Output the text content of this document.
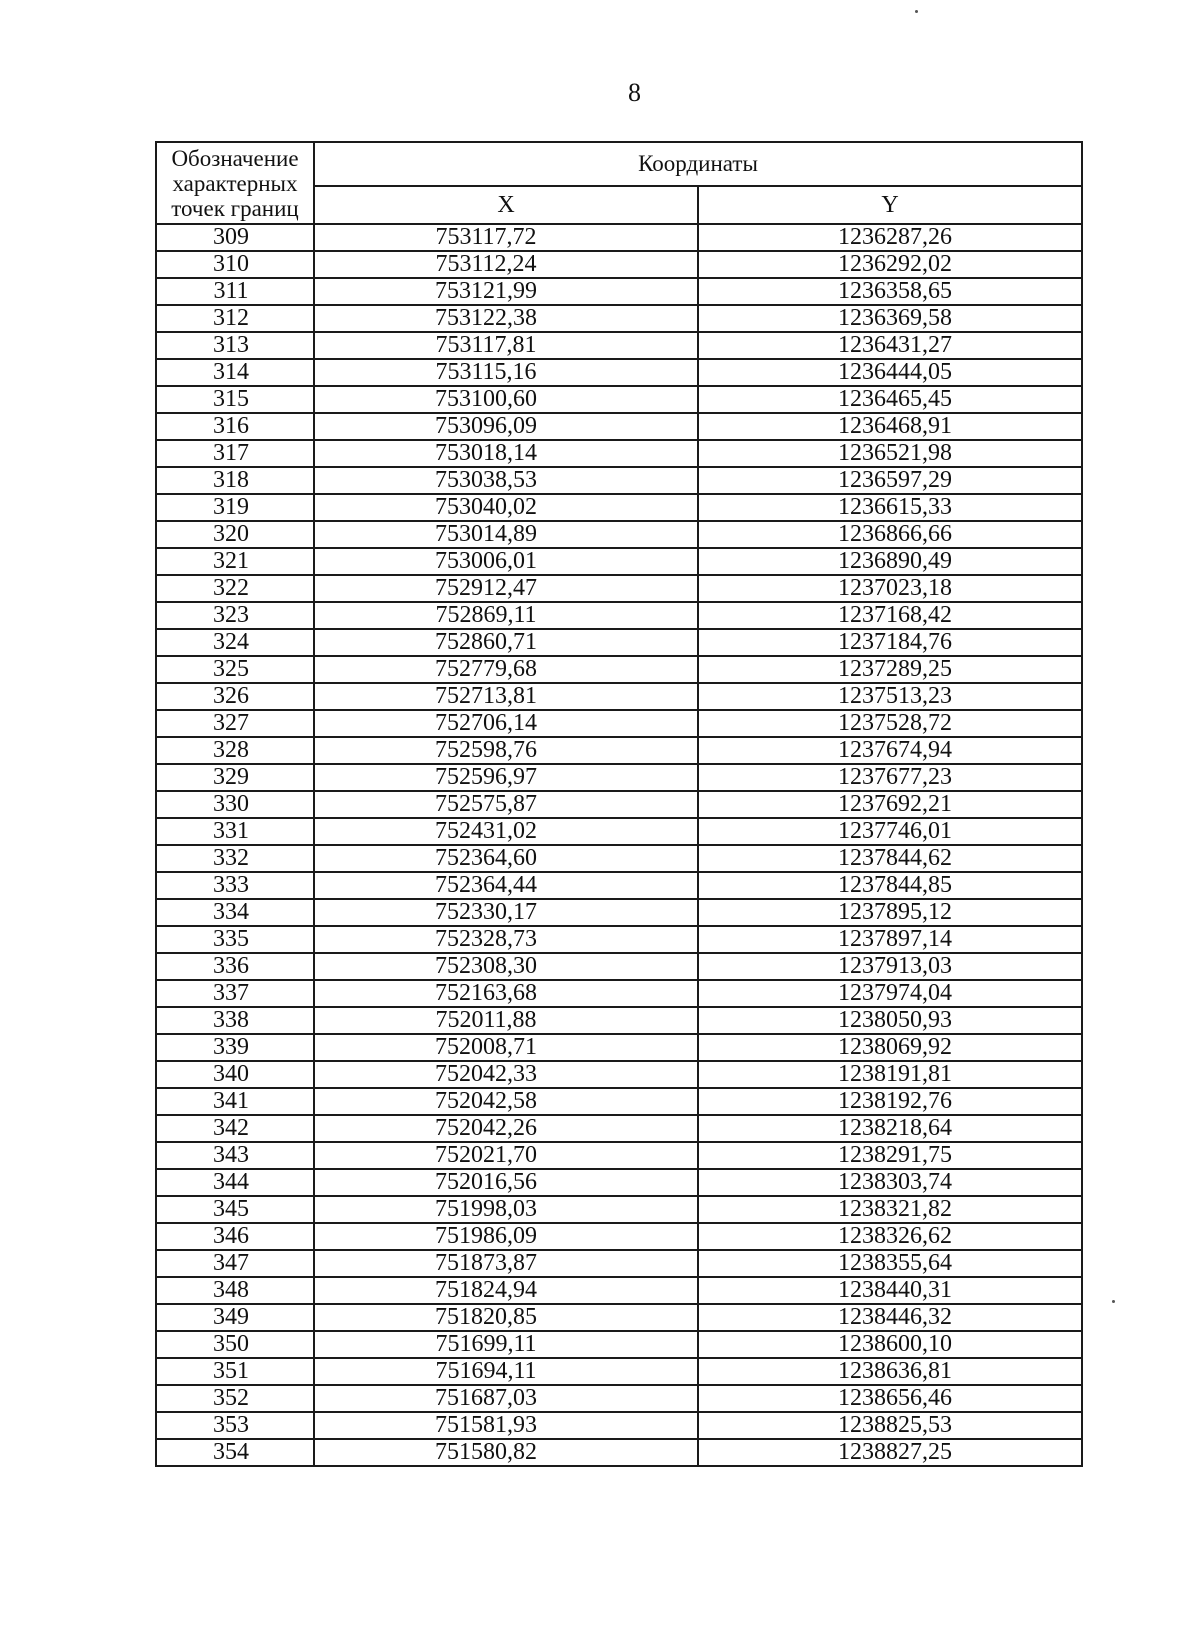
8
Обозначение характерных точек границ	Координаты	
	X	Y
309	753117,72	1236287,26
310	753112,24	1236292,02
311	753121,99	1236358,65
312	753122,38	1236369,58
313	753117,81	1236431,27
314	753115,16	1236444,05
315	753100,60	1236465,45
316	753096,09	1236468,91
317	753018,14	1236521,98
318	753038,53	1236597,29
319	753040,02	1236615,33
320	753014,89	1236866,66
321	753006,01	1236890,49
322	752912,47	1237023,18
323	752869,11	1237168,42
324	752860,71	1237184,76
325	752779,68	1237289,25
326	752713,81	1237513,23
327	752706,14	1237528,72
328	752598,76	1237674,94
329	752596,97	1237677,23
330	752575,87	1237692,21
331	752431,02	1237746,01
332	752364,60	1237844,62
333	752364,44	1237844,85
334	752330,17	1237895,12
335	752328,73	1237897,14
336	752308,30	1237913,03
337	752163,68	1237974,04
338	752011,88	1238050,93
339	752008,71	1238069,92
340	752042,33	1238191,81
341	752042,58	1238192,76
342	752042,26	1238218,64
343	752021,70	1238291,75
344	752016,56	1238303,74
345	751998,03	1238321,82
346	751986,09	1238326,62
347	751873,87	1238355,64
348	751824,94	1238440,31
349	751820,85	1238446,32
350	751699,11	1238600,10
351	751694,11	1238636,81
352	751687,03	1238656,46
353	751581,93	1238825,53
354	751580,82	1238827,25
